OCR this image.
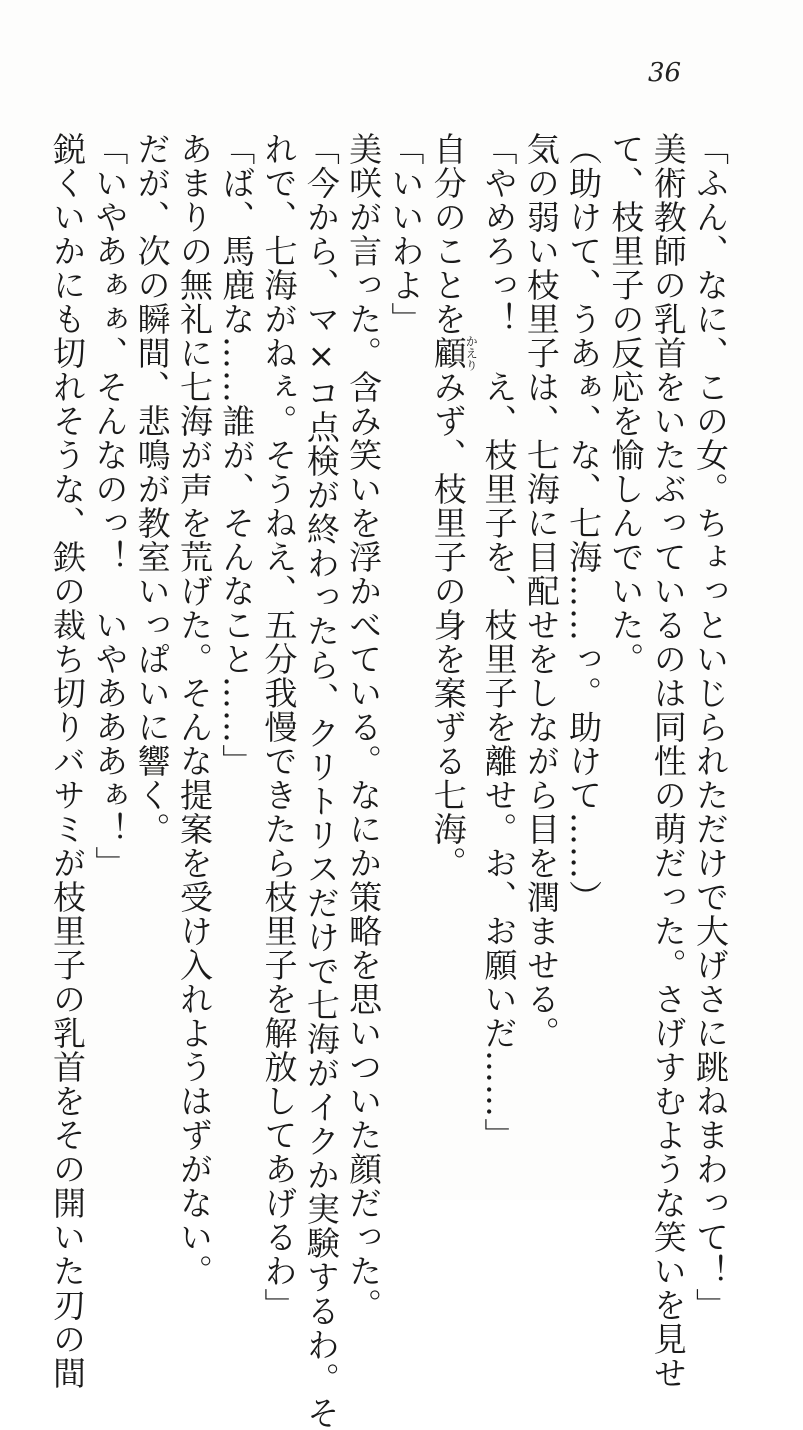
36
「ふん、なに、この女。ちょっといじられただけで大げさに跳ねまわって！」
美術教師の乳首をいたぶっているのは同性の萌だった。さげすむような笑いを見せ
て、枝里子の反応を愉しんでいた。
（助けて、うあぁ、な、七海……っ。助けて……）
気の弱い枝里子は、七海に目配せをしながら目を潤ませる。
「やめろっ！　え、枝里子を、枝里子を離せ。お、お願いだ……」
自分のことを顧かえりみず、枝里子の身を案ずる七海。
「いいわよ」
美咲が言った。含み笑いを浮かべている。なにか策略を思いついた顔だった。
「今から、マ×コ点検が終わったら、クリトリスだけで七海がイクか実験するわ。そ
れで、七海がねぇ。そうねえ、五分我慢できたら枝里子を解放してあげるわ」
「ば、馬鹿な……誰が、そんなこと……」
あまりの無礼に七海が声を荒げた。そんな提案を受け入れようはずがない。
だが、次の瞬間、悲鳴が教室いっぱいに響く。
「いやあぁぁ、そんなのっ！　いやあああぁ！」
鋭くいかにも切れそうな、鉄の裁ち切りバサミが枝里子の乳首をその開いた刃の間
